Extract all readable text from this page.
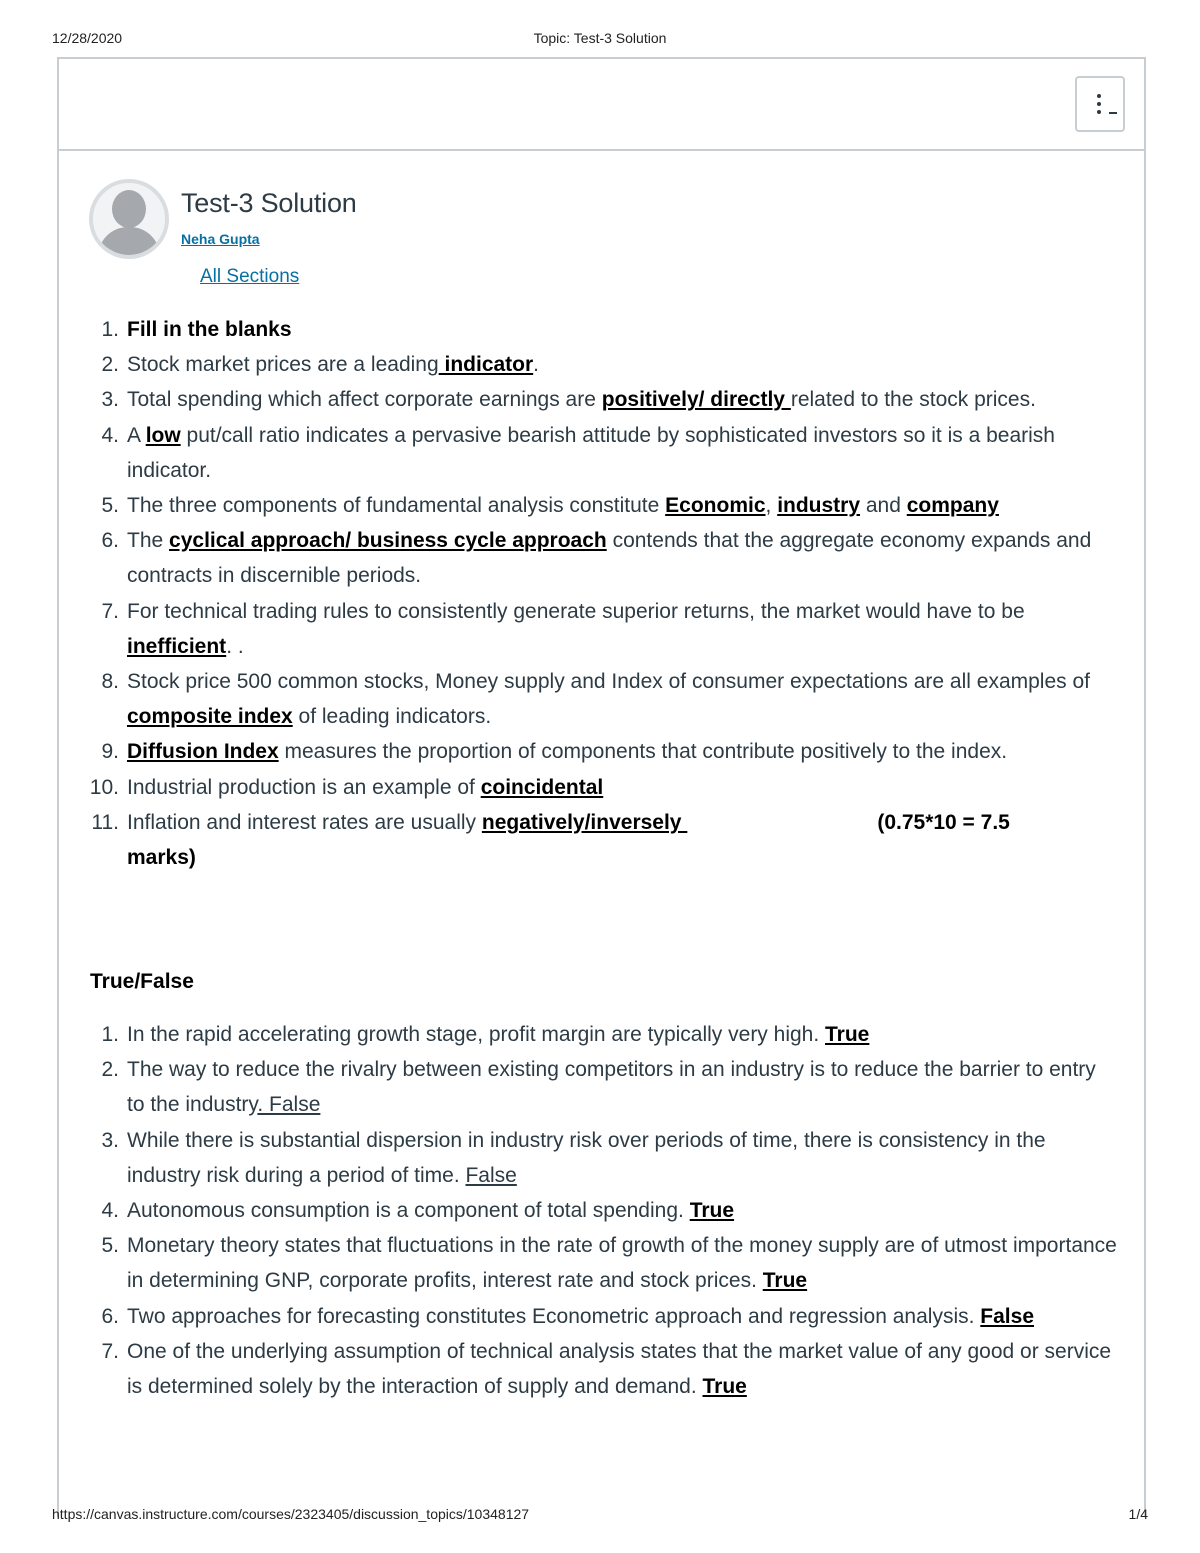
12/28/2020	Topic: Test-3 Solution
Test-3 Solution
Neha Gupta
All Sections
1. Fill in the blanks
2. Stock market prices are a leading indicator.
3. Total spending which affect corporate earnings are positively/ directly related to the stock prices.
4. A low put/call ratio indicates a pervasive bearish attitude by sophisticated investors so it is a bearish indicator.
5. The three components of fundamental analysis constitute Economic, industry and company
6. The cyclical approach/ business cycle approach contends that the aggregate economy expands and contracts in discernible periods.
7. For technical trading rules to consistently generate superior returns, the market would have to be inefficient. .
8. Stock price 500 common stocks, Money supply and Index of consumer expectations are all examples of composite index of leading indicators.
9. Diffusion Index measures the proportion of components that contribute positively to the index.
10. Industrial production is an example of coincidental
11. Inflation and interest rates are usually negatively/inversely	(0.75*10 = 7.5
marks)
True/False
1. In the rapid accelerating growth stage, profit margin are typically very high. True
2. The way to reduce the rivalry between existing competitors in an industry is to reduce the barrier to entry to the industry. False
3. While there is substantial dispersion in industry risk over periods of time, there is consistency in the industry risk during a period of time. False
4. Autonomous consumption is a component of total spending. True
5. Monetary theory states that fluctuations in the rate of growth of the money supply are of utmost importance in determining GNP, corporate profits, interest rate and stock prices. True
6. Two approaches for forecasting constitutes Econometric approach and regression analysis. False
7. One of the underlying assumption of technical analysis states that the market value of any good or service is determined solely by the interaction of supply and demand. True
https://canvas.instructure.com/courses/2323405/discussion_topics/10348127	1/4
